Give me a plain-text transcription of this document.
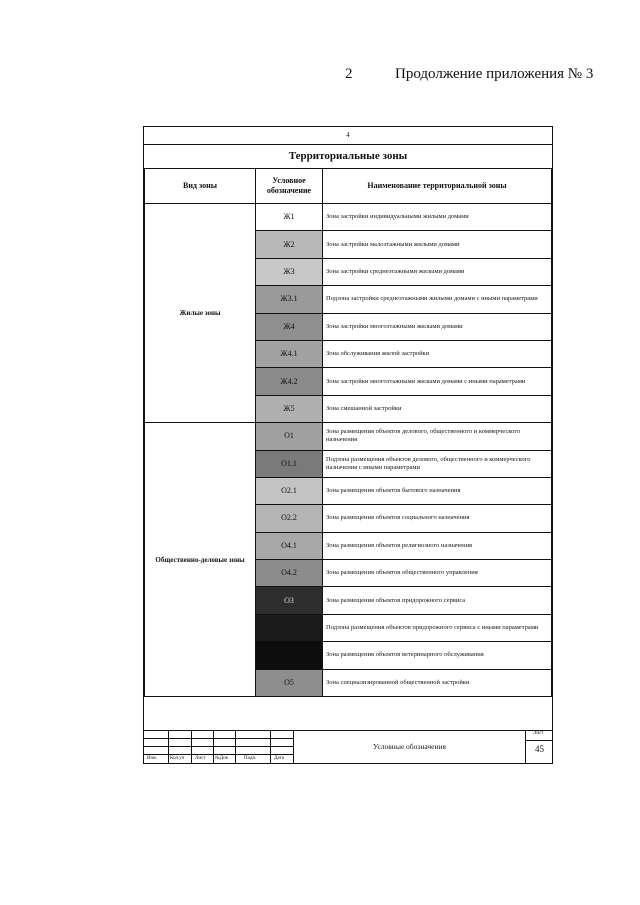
2	Продолжение приложения № 3
4
Территориальные зоны
Вид зоны	Условное обозначение	Наименование территориальной зоны
Жилые зоны	Ж1	Зона застройки индивидуальными жилыми домами

Ж2	Зона застройки малоэтажными жилыми домами

Ж3	Зона застройки среднеэтажными жилыми домами

Ж3.1	Подзона застройки среднеэтажными жилыми домами с иными параметрами

Ж4	Зона застройки многоэтажными жилыми домами

Ж4.1	Зона обслуживания жилой застройки

Ж4.2	Зона застройки многоэтажными жилыми домами с иными параметрами

Ж5	Зона смешанной застройки
Общественно-деловые зоны	О1	Зона размещения объектов делового, общественного и коммерческого назначения

О1.1	Подзона размещения объектов делового, общественного и коммерческого назначения с иными параметрами

О2.1	Зона размещения объектов бытового назначения

О2.2	Зона размещения объектов социального назначения

О4.1	Зона размещения объектов религиозного назначения

О4.2	Зона размещения объектов общественного управления

О3	Зона размещения объектов придорожного сервиса

		Подзона размещения объектов придорожного сервиса с иными параметрами

		Зона размещения объектов ветеринарного обслуживания

О5	Зона специализированной общественной застройки
Изм.	Кол.уч Лист №Док	Подп.	Дата
Условные обозначения
Лист
45
